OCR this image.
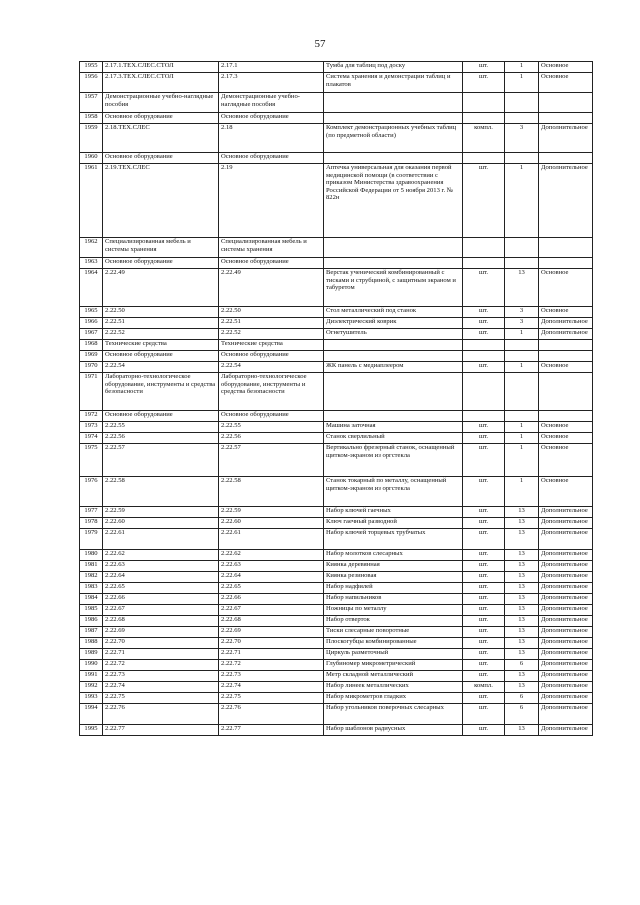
57
1955	2.17.1.ТЕХ.СЛЕС.СТОЛ	2.17.1	Тумба для таблиц под доску	шт.	1	Основное
1956	2.17.3.ТЕХ.СЛЕС.СТОЛ	2.17.3	Система хранения и демонстрации таблиц и плакатов	шт.	1	Основное
1957	Демонстрационные учебно-наглядные пособия	Демонстрационные учебно-наглядные пособия				
1958	Основное оборудование	Основное оборудование				
1959	2.18.ТЕХ.СЛЕС	2.18	Комплект демонстрационных учебных таблиц (по предметной области)	компл.	3	Дополнительное
1960	Основное оборудование	Основное оборудование				
1961	2.19.ТЕХ.СЛЕС	2.19	Аптечка универсальная для оказания первой медицинской помощи (в соответствии с приказом Министерства здравоохранения Российской Федерации от 5 ноября 2013 г. № 822н	шт.	1	Дополнительное
1962	Специализированная мебель и системы хранения	Специализированная мебель и системы хранения				
1963	Основное оборудование	Основное оборудование				
1964	2.22.49	2.22.49	Верстак ученический комбинированный с тисками и струбциной, с защитным экраном и табуретом	шт.	13	Основное
1965	2.22.50	2.22.50	Стол металлический под станок	шт.	3	Основное
1966	2.22.51	2.22.51	Диэлектрический коврик	шт.	3	Дополнительное
1967	2.22.52	2.22.52	Огнетушитель	шт.	1	Дополнительное
1968	Технические средства	Технические средства				
1969	Основное оборудование	Основное оборудование				
1970	2.22.54	2.22.54	ЖК панель с медиаплеером	шт.	1	Основное
1971	Лабораторно-технологическое оборудование, инструменты и средства безопасности	Лабораторно-технологическое оборудование, инструменты и средства безопасности				
1972	Основное оборудование	Основное оборудование				
1973	2.22.55	2.22.55	Машина заточная	шт.	1	Основное
1974	2.22.56	2.22.56	Станок сверлильный	шт.	1	Основное
1975	2.22.57	2.22.57	Вертикально фрезерный станок, оснащенный щитком-экраном из оргстекла	шт.	1	Основное
1976	2.22.58	2.22.58	Станок токарный по металлу, оснащенный щитком-экраном из оргстекла	шт.	1	Основное
1977	2.22.59	2.22.59	Набор ключей гаечных	шт.	13	Дополнительное
1978	2.22.60	2.22.60	Ключ гаечный разводной	шт.	13	Дополнительное
1979	2.22.61	2.22.61	Набор ключей торцевых трубчатых	шт.	13	Дополнительное
1980	2.22.62	2.22.62	Набор молотков слесарных	шт.	13	Дополнительное
1981	2.22.63	2.22.63	Киянка деревянная	шт.	13	Дополнительное
1982	2.22.64	2.22.64	Киянка резиновая	шт.	13	Дополнительное
1983	2.22.65	2.22.65	Набор надфилей	шт.	13	Дополнительное
1984	2.22.66	2.22.66	Набор напильников	шт.	13	Дополнительное
1985	2.22.67	2.22.67	Ножницы по металлу	шт.	13	Дополнительное
1986	2.22.68	2.22.68	Набор отверток	шт.	13	Дополнительное
1987	2.22.69	2.22.69	Тиски слесарные поворотные	шт.	13	Дополнительное
1988	2.22.70	2.22.70	Плоскогубцы комбинированные	шт.	13	Дополнительное
1989	2.22.71	2.22.71	Циркуль разметочный	шт.	13	Дополнительное
1990	2.22.72	2.22.72	Глубиномер микрометрический	шт.	6	Дополнительное
1991	2.22.73	2.22.73	Метр складной металлический	шт.	13	Дополнительное
1992	2.22.74	2.22.74	Набор линеек металлических	компл.	13	Дополнительное
1993	2.22.75	2.22.75	Набор микрометров гладких	шт.	6	Дополнительное
1994	2.22.76	2.22.76	Набор угольников поверочных слесарных	шт.	6	Дополнительное
1995	2.22.77	2.22.77	Набор шаблонов радиусных	шт.	13	Дополнительное
